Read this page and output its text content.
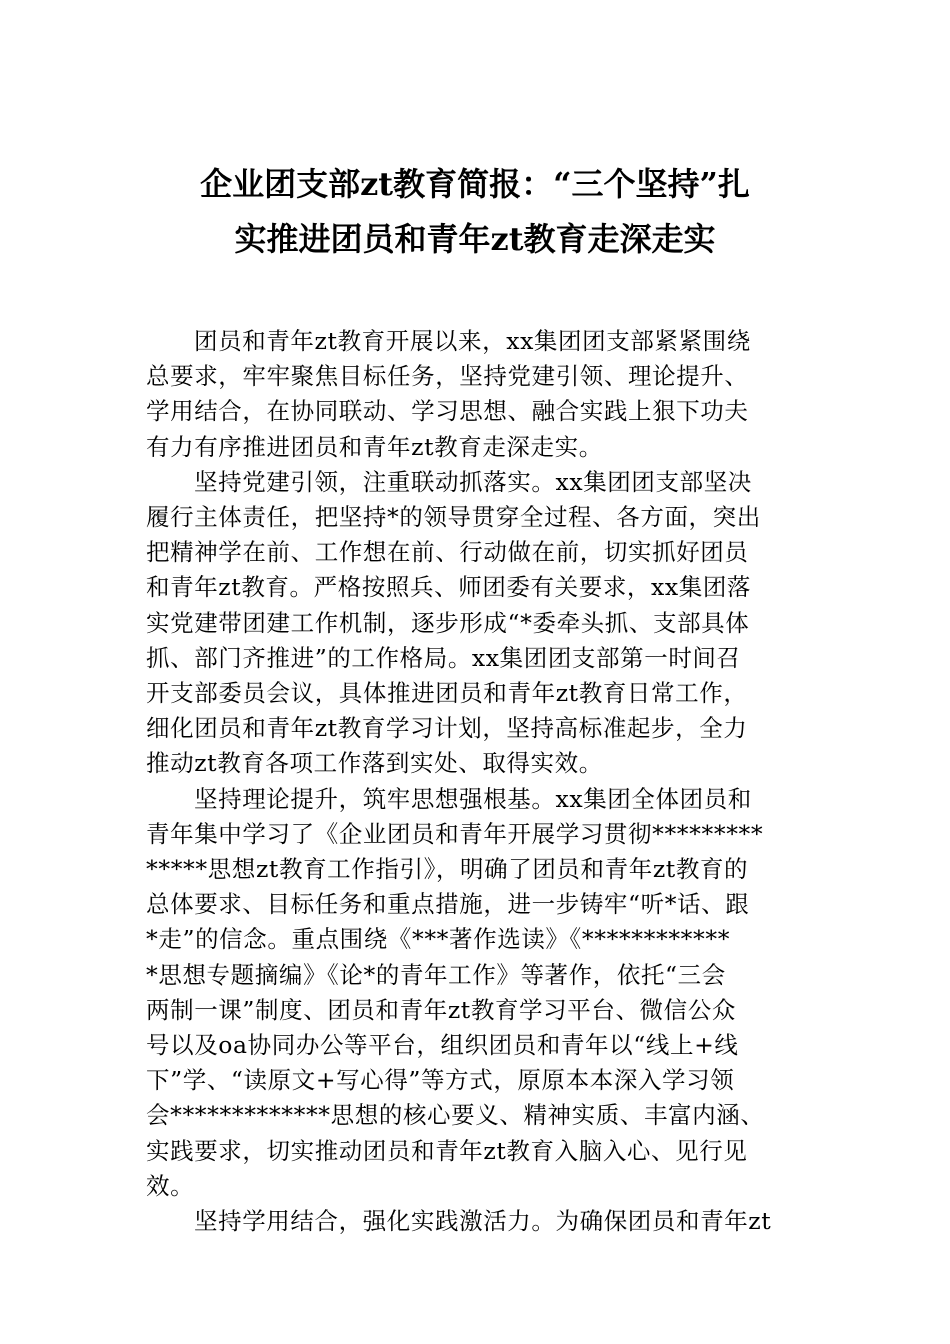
企业团支部zt教育简报：“三个坚持”扎
实推进团员和青年zt教育走深走实

团员和青年zt教育开展以来，xx集团团支部紧紧围绕
总要求，牢牢聚焦目标任务，坚持党建引领、理论提升、
学用结合，在协同联动、学习思想、融合实践上狠下功夫
有力有序推进团员和青年zt教育走深走实。

坚持党建引领，注重联动抓落实。xx集团团支部坚决
履行主体责任，把坚持*的领导贯穿全过程、各方面，突出
把精神学在前、工作想在前、行动做在前，切实抓好团员
和青年zt教育。严格按照兵、师团委有关要求，xx集团落
实党建带团建工作机制，逐步形成“*委牵头抓、支部具体
抓、部门齐推进”的工作格局。xx集团团支部第一时间召
开支部委员会议，具体推进团员和青年zt教育日常工作，
细化团员和青年zt教育学习计划，坚持高标准起步，全力
推动zt教育各项工作落到实处、取得实效。

坚持理论提升，筑牢思想强根基。xx集团全体团员和
青年集中学习了《企业团员和青年开展学习贯彻*********
*****思想zt教育工作指引》，明确了团员和青年zt教育的
总体要求、目标任务和重点措施，进一步铸牢“听*话、跟
*走”的信念。重点围绕《***著作选读》《************
*思想专题摘编》《论*的青年工作》等著作，依托“三会
两制一课”制度、团员和青年zt教育学习平台、微信公众
号以及oa协同办公等平台，组织团员和青年以“线上+线
下”学、“读原文+写心得”等方式，原原本本深入学习领
会*************思想的核心要义、精神实质、丰富内涵、
实践要求，切实推动团员和青年zt教育入脑入心、见行见
效。

坚持学用结合，强化实践激活力。为确保团员和青年zt
